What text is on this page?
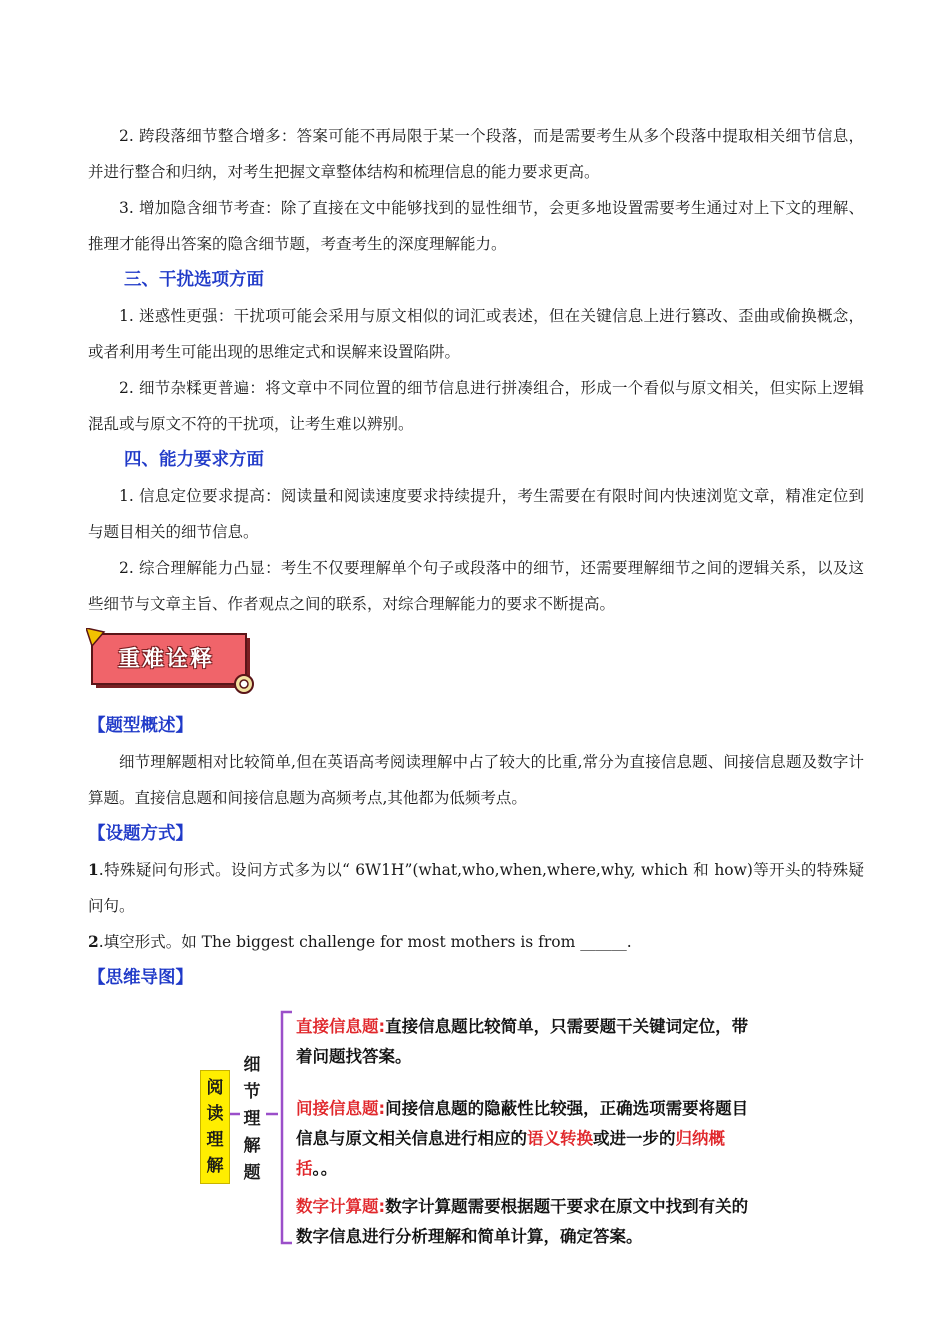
2. 跨段落细节整合增多：答案可能不再局限于某一个段落，而是需要考生从多个段落中提取相关细节信息，并进行整合和归纳，对考生把握文章整体结构和梳理信息的能力要求更高。

3. 增加隐含细节考查：除了直接在文中能够找到的显性细节，会更多地设置需要考生通过对上下文的理解、推理才能得出答案的隐含细节题，考查考生的深度理解能力。

三、干扰选项方面

1. 迷惑性更强：干扰项可能会采用与原文相似的词汇或表述，但在关键信息上进行篡改、歪曲或偷换概念，或者利用考生可能出现的思维定式和误解来设置陷阱。

2. 细节杂糅更普遍：将文章中不同位置的细节信息进行拼凑组合，形成一个看似与原文相关，但实际上逻辑混乱或与原文不符的干扰项，让考生难以辨别。

四、能力要求方面

1. 信息定位要求提高：阅读量和阅读速度要求持续提升，考生需要在有限时间内快速浏览文章，精准定位到与题目相关的细节信息。

2. 综合理解能力凸显：考生不仅要理解单个句子或段落中的细节，还需要理解细节之间的逻辑关系，以及这些细节与文章主旨、作者观点之间的联系，对综合理解能力的要求不断提高。

重难诠释

【题型概述】

细节理解题相对比较简单,但在英语高考阅读理解中占了较大的比重,常分为直接信息题、间接信息题及数字计算题。直接信息题和间接信息题为高频考点,其他都为低频考点。

【设题方式】

1.特殊疑问句形式。设问方式多为以“ 6W1H”(what,who,when,where,why, which 和 how)等开头的特殊疑问句。

2.填空形式。如 The biggest challenge for most mothers is from ______.

【思维导图】

阅
读
理
解
细
节
理
解
题
直接信息题:直接信息题比较简单，只需要题干关键词定位，带着问题找答案。
间接信息题:间接信息题的隐蔽性比较强，正确选项需要将题目信息与原文相关信息进行相应的语义转换或进一步的归纳概括。。
数字计算题:数字计算题需要根据题干要求在原文中找到有关的数字信息进行分析理解和简单计算，确定答案。
